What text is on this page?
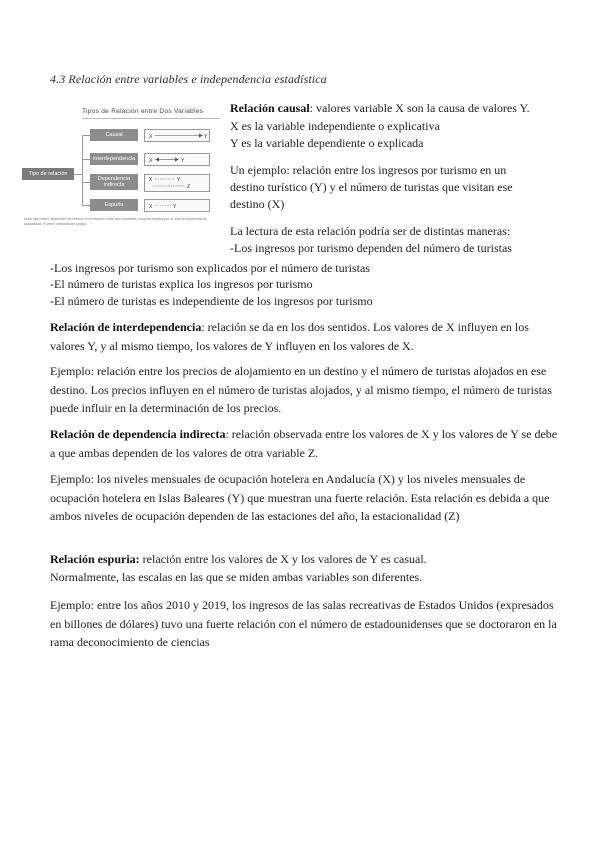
4.3 Relación entre variables e independencia estadística
Tipos de Relación entre Dos Variables
Tipo de relación
Causal
Interdependencia
Dependencia indirecta
Espuria
X	Y
X	Y
X	Y
Z
X	Y
Nota: las cuatro relaciones se refieren a la relación entre dos variables; ninguna implica por sí sola la existencia de causalidad. Fuente: elaboración propia.
Relación causal: valores variable X son la causa de valores Y.
X es la variable independiente o explicativa
Y es la variable dependiente o explicada
Un ejemplo: relación entre los ingresos por turismo en un
destino turístico (Y) y el número de turistas que visitan ese
destino (X)
La lectura de esta relación podría ser de distintas maneras:
-Los ingresos por turismo dependen del número de turistas
-Los ingresos por turismo son explicados por el número de turistas
-El número de turistas explica los ingresos por turismo
-El número de turistas es independiente de los ingresos por turismo
Relación de interdependencia: relación se da en los dos sentidos. Los valores de X influyen en los valores Y, y al mismo tiempo, los valores de Y influyen en los valores de X.
Ejemplo: relación entre los precios de alojamiento en un destino y el número de turistas alojados en ese destino. Los precios influyen en el número de turistas alojados, y al mismo tiempo, el número de turistas puede influir en la determinación de los precios.
Relación de dependencia indirecta: relación observada entre los valores de X y los valores de Y se debe a que ambas dependen de los valores de otra variable Z.
Ejemplo: los niveles mensuales de ocupación hotelera en Andalucía (X) y los niveles mensuales de ocupación hotelera en Islas Baleares (Y) que muestran una fuerte relación. Esta relación es debida a que ambos niveles de ocupación dependen de las estaciones del año, la estacionalidad (Z)
Relación espuria: relación entre los valores de X y los valores de Y es casual.
Normalmente, las escalas en las que se miden ambas variables son diferentes.
Ejemplo: entre los años 2010 y 2019, los ingresos de las salas recreativas de Estados Unidos (expresados en billones de dólares) tuvo una fuerte relación con el número de estadounidenses que se doctoraron en la rama deconocimiento de ciencias
